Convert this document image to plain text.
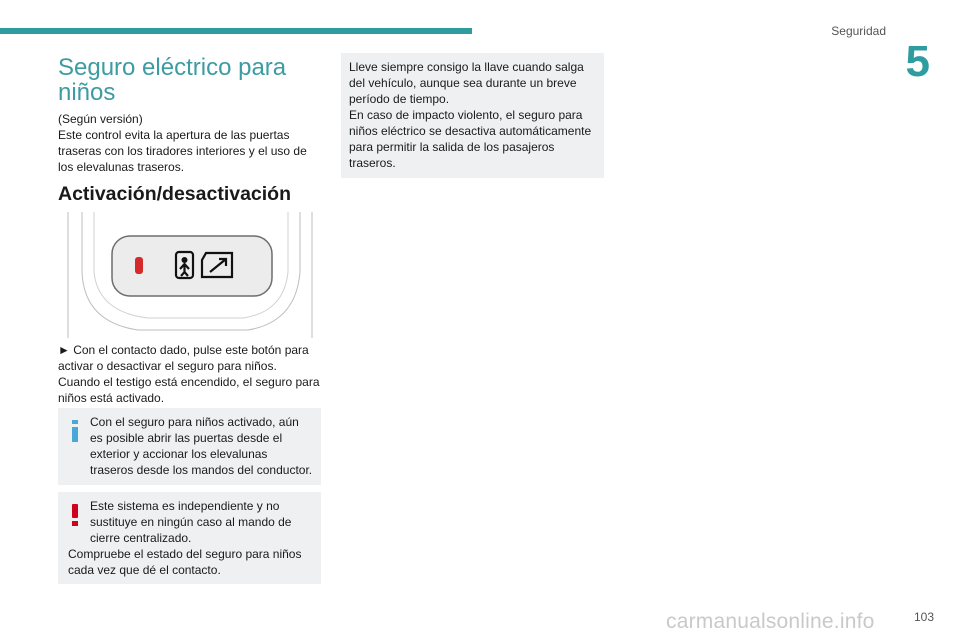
Seguridad
5
Seguro eléctrico para niños

(Según versión)

Este control evita la apertura de las puertas traseras con los tiradores interiores y el uso de los elevalunas traseros.

Activación/desactivación

► Con el contacto dado, pulse este botón para activar o desactivar el seguro para niños.

Cuando el testigo está encendido, el seguro para niños está activado.

Con el seguro para niños activado, aún es posible abrir las puertas desde el exterior y accionar los elevalunas traseros desde los mandos del conductor.

Este sistema es independiente y no sustituye en ningún caso al mando de cierre centralizado.

Compruebe el estado del seguro para niños cada vez que dé el contacto.

Lleve siempre consigo la llave cuando salga del vehículo, aunque sea durante un breve período de tiempo.

En caso de impacto violento, el seguro para niños eléctrico se desactiva automáticamente para permitir la salida de los pasajeros traseros.

carmanualsonline.info	103
